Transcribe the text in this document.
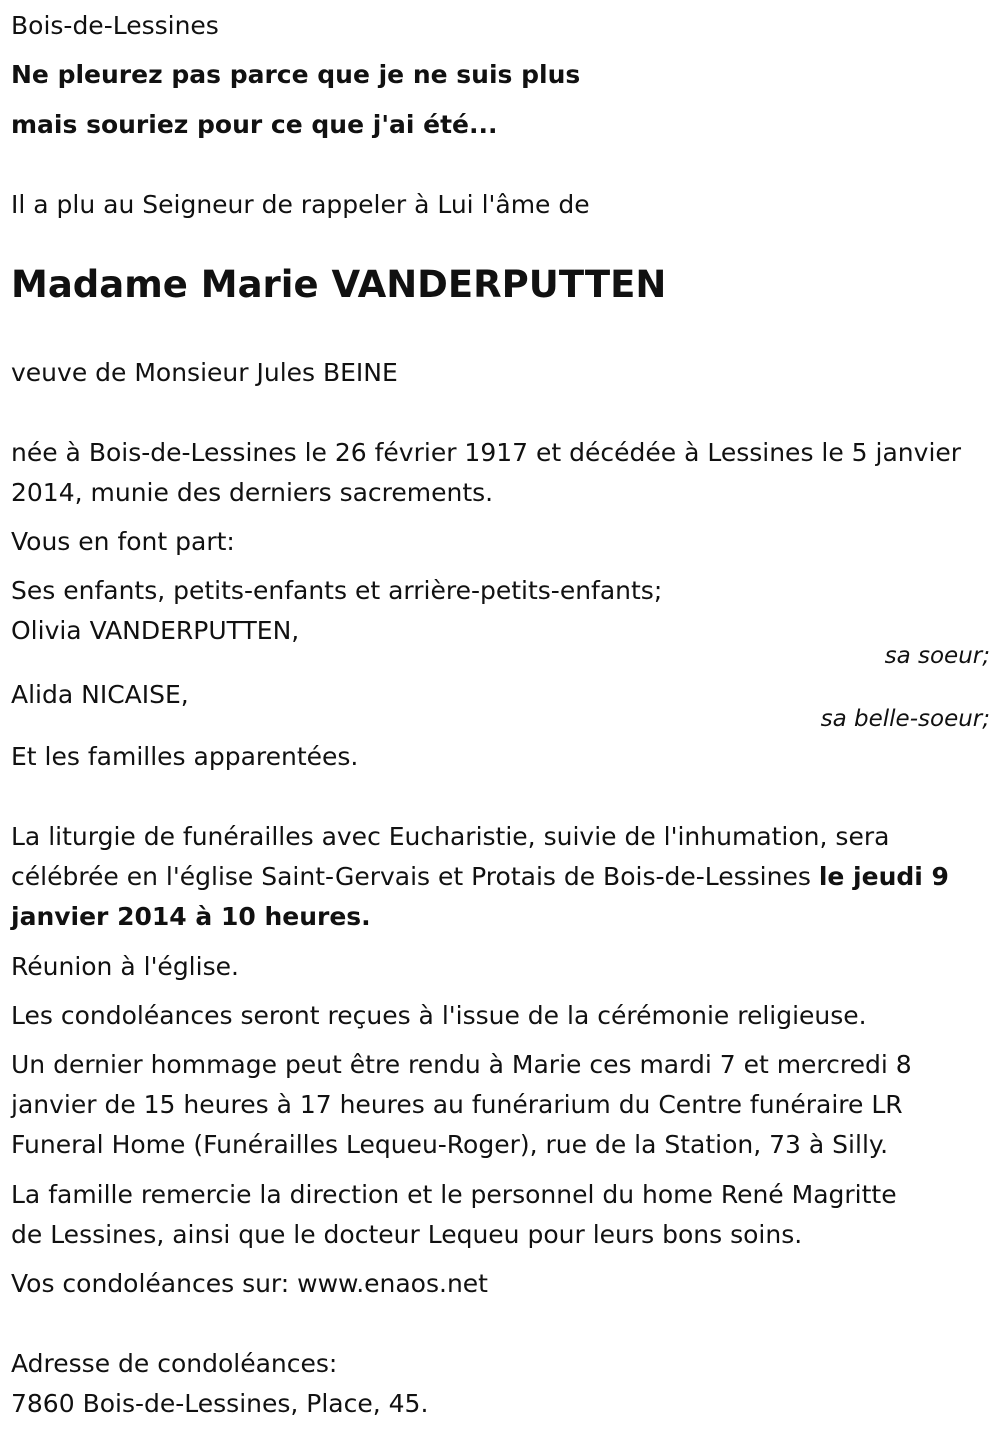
Bois-de-Lessines
Ne pleurez pas parce que je ne suis plus
mais souriez pour ce que j'ai été...
Il a plu au Seigneur de rappeler à Lui l'âme de
Madame Marie VANDERPUTTEN
veuve de Monsieur Jules BEINE
née à Bois-de-Lessines le 26 février 1917 et décédée à Lessines le 5 janvier
2014, munie des derniers sacrements.
Vous en font part:
Ses enfants, petits-enfants et arrière-petits-enfants;
Olivia VANDERPUTTEN,
sa soeur;
Alida NICAISE,
sa belle-soeur;
Et les familles apparentées.
La liturgie de funérailles avec Eucharistie, suivie de l'inhumation, sera
célébrée en l'église Saint-Gervais et Protais de Bois-de-Lessines le jeudi 9
janvier 2014 à 10 heures.
Réunion à l'église.
Les condoléances seront reçues à l'issue de la cérémonie religieuse.
Un dernier hommage peut être rendu à Marie ces mardi 7 et mercredi 8
janvier de 15 heures à 17 heures au funérarium du Centre funéraire LR
Funeral Home (Funérailles Lequeu-Roger), rue de la Station, 73 à Silly.
La famille remercie la direction et le personnel du home René Magritte
de Lessines, ainsi que le docteur Lequeu pour leurs bons soins.
Vos condoléances sur: www.enaos.net
Adresse de condoléances:
7860 Bois-de-Lessines, Place, 45.
